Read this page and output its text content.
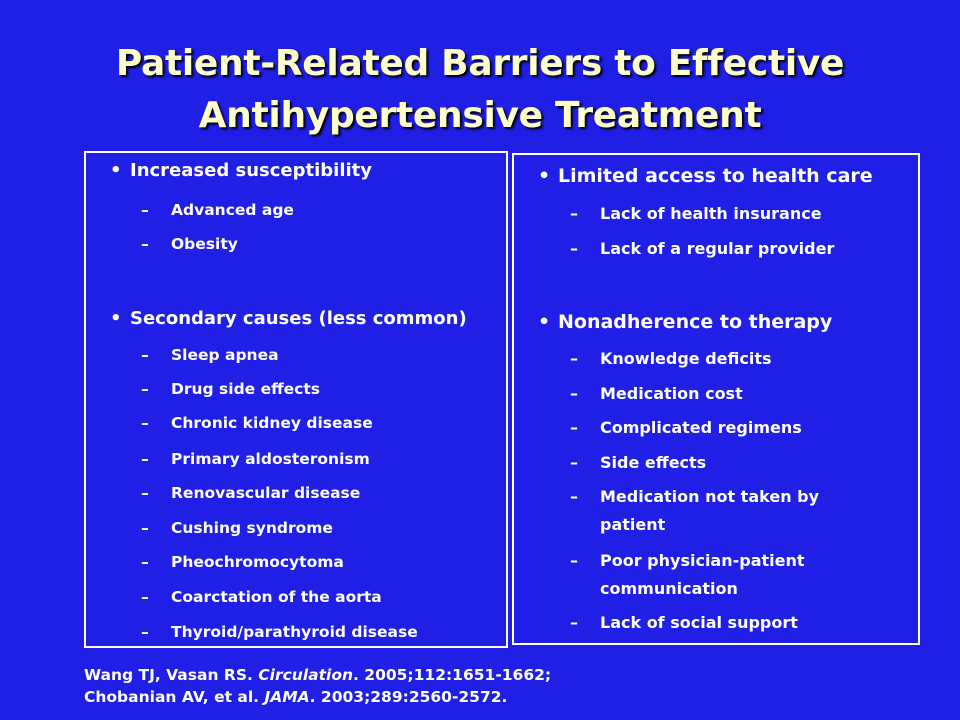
Patient-Related Barriers to Effective
Antihypertensive Treatment
• Increased susceptibility
– Advanced age
– Obesity
• Secondary causes (less common)
– Sleep apnea
– Drug side effects
– Chronic kidney disease
– Primary aldosteronism
– Renovascular disease
– Cushing syndrome
– Pheochromocytoma
– Coarctation of the aorta
– Thyroid/parathyroid disease
• Limited access to health care
– Lack of health insurance
– Lack of a regular provider
• Nonadherence to therapy
– Knowledge deficits
– Medication cost
– Complicated regimens
– Side effects
– Medication not taken by patient
– Poor physician-patient communication
– Lack of social support
Wang TJ, Vasan RS. Circulation. 2005;112:1651-1662;
Chobanian AV, et al. JAMA. 2003;289:2560-2572.
